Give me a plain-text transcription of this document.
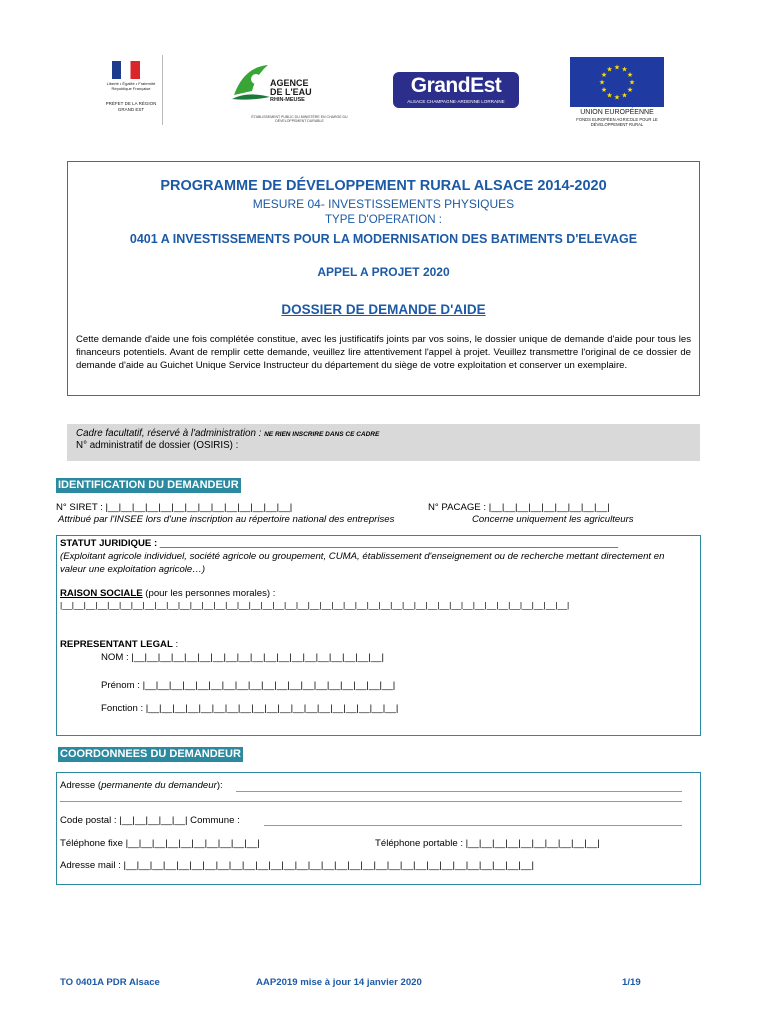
Liberté • Égalité • Fraternité
République Française
PRÉFET DE LA RÉGION GRAND EST
AGENCE
DE L'EAU
RHIN-MEUSE
ÉTABLISSEMENT PUBLIC DU MINISTÈRE EN CHARGE DU DÉVELOPPEMENT DURABLE
GrandEst
ALSACE CHAMPAGNE-ARDENNE LORRAINE
★ ★
★
★
★
★
★
★
★
★
★
★
UNION EUROPÉENNE
FONDS EUROPÉEN AGRICOLE POUR LE DÉVELOPPEMENT RURAL
PROGRAMME DE DÉVELOPPEMENT RURAL ALSACE 2014-2020
MESURE 04- INVESTISSEMENTS PHYSIQUES
TYPE D'OPERATION :
0401 A INVESTISSEMENTS POUR LA MODERNISATION DES BATIMENTS D'ELEVAGE
APPEL A PROJET 2020
DOSSIER DE DEMANDE D'AIDE
Cette demande d'aide une fois complétée constitue, avec les justificatifs joints par vos soins, le dossier unique de demande d'aide pour tous les financeurs potentiels. Avant de remplir cette demande, veuillez lire attentivement l'appel à projet. Veuillez transmettre l'original de ce dossier de demande d'aide au Guichet Unique Service Instructeur du département du siège de votre exploitation et conserver un exemplaire.
Cadre facultatif, réservé à l'administration : NE RIEN INSCRIRE DANS CE CADRE
N° administratif de dossier (OSIRIS) :
IDENTIFICATION DU DEMANDEUR
N° SIRET : |__|__|__|__|__|__|__|__|__|__|__|__|__|__|	N° PACAGE : |__|__|__|__|__|__|__|__|__|
Attribué par l'INSEE lors d'une inscription au répertoire national des entreprises	Concerne uniquement les agriculteurs
STATUT JURIDIQUE : _______________________________________________________________________________________________________
(Exploitant agricole individuel, société agricole ou groupement, CUMA, établissement d'enseignement ou de recherche mettant directement en valeur une exploitation agricole…)
RAISON SOCIALE (pour les personnes morales) :
|__|__|__|__|__|__|__|__|__|__|__|__|__|__|__|__|__|__|__|__|__|__|__|__|__|__|__|__|__|__|__|__|__|__|__|__|__|__|__|__|__|__|__|
REPRESENTANT LEGAL :
NOM : |__|__|__|__|__|__|__|__|__|__|__|__|__|__|__|__|__|__|__|
Prénom : |__|__|__|__|__|__|__|__|__|__|__|__|__|__|__|__|__|__|__|
Fonction : |__|__|__|__|__|__|__|__|__|__|__|__|__|__|__|__|__|__|__|
COORDONNEES DU DEMANDEUR
Adresse (permanente du demandeur):
Code postal : |__|__|__|__|__| Commune :
Téléphone fixe |__|__|__|__|__|__|__|__|__|__|	Téléphone portable : |__|__|__|__|__|__|__|__|__|__|
Adresse mail : |__|__|__|__|__|__|__|__|__|__|__|__|__|__|__|__|__|__|__|__|__|__|__|__|__|__|__|__|__|__|__|
TO 0401A PDR Alsace	AAP2019 mise à jour 14 janvier 2020	1/19
